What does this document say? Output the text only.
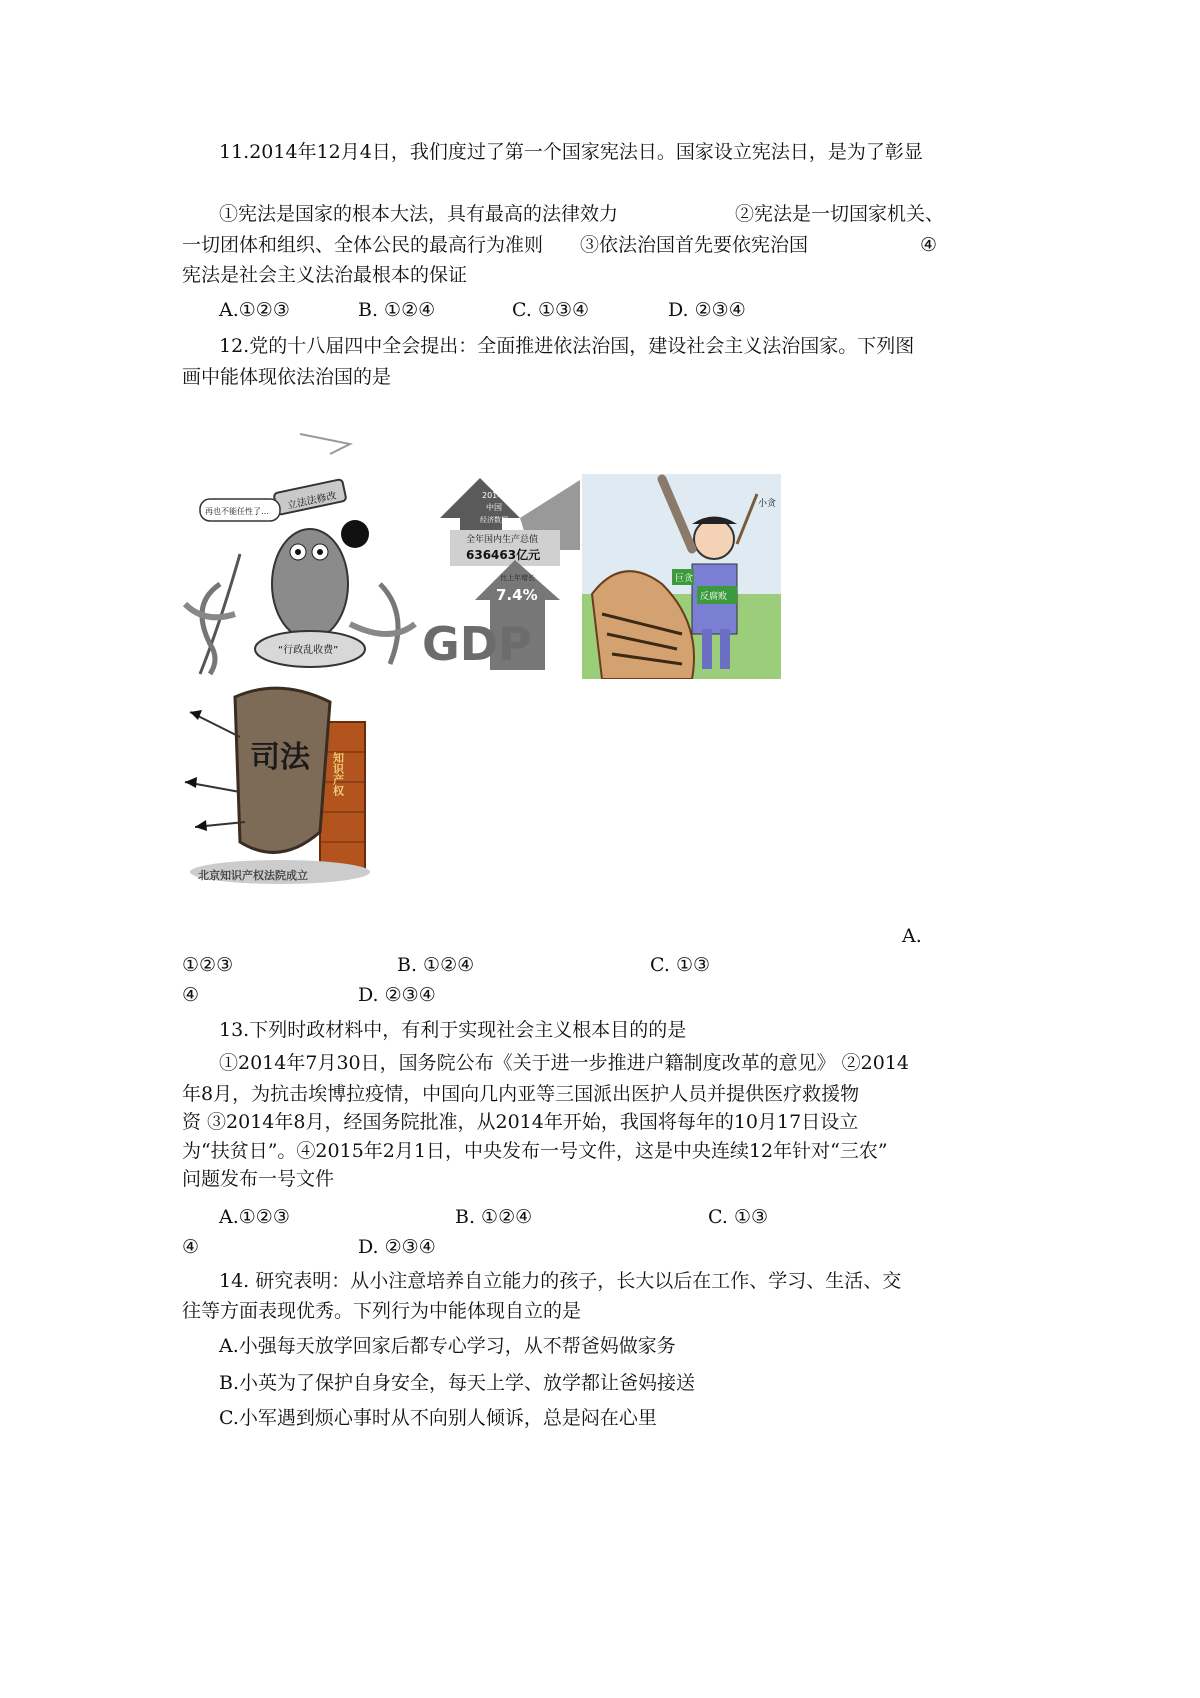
11.2014年12月4日，我们度过了第一个国家宪法日。国家设立宪法日，是为了彰显
①宪法是国家的根本大法，具有最高的法律效力	②宪法是一切国家机关、
一切团体和组织、全体公民的最高行为准则 ③依法治国首先要依宪治国	④
宪法是社会主义法治最根本的保证
A.①②③	B. ①②④	C. ①③④	D. ②③④
12.党的十八届四中全会提出：全面推进依法治国，建设社会主义法治国家。下列图
画中能体现依法治国的是
立法法修改
再也不能任性了…
“行政乱收费”
2014年
中国
经济数据
全年国内生产总值
636463亿元
比上年增长
7.4%
GDP
巨贪
反腐败
小贪
司法 知识产权
北京知识产权法院成立
A.
①②③	B. ①②④	C. ①③
④	D. ②③④
13.下列时政材料中，有利于实现社会主义根本目的的是
①2014年7月30日，国务院公布《关于进一步推进户籍制度改革的意见》 ②2014
年8月，为抗击埃博拉疫情，中国向几内亚等三国派出医护人员并提供医疗救援物
资 ③2014年8月，经国务院批准，从2014年开始，我国将每年的10月17日设立
为“扶贫日”。④2015年2月1日，中央发布一号文件，这是中央连续12年针对“三农”
问题发布一号文件
A.①②③	B. ①②④	C. ①③
④	D. ②③④
14. 研究表明：从小注意培养自立能力的孩子，长大以后在工作、学习、生活、交
往等方面表现优秀。下列行为中能体现自立的是
A.小强每天放学回家后都专心学习，从不帮爸妈做家务
B.小英为了保护自身安全，每天上学、放学都让爸妈接送
C.小军遇到烦心事时从不向别人倾诉，总是闷在心里
